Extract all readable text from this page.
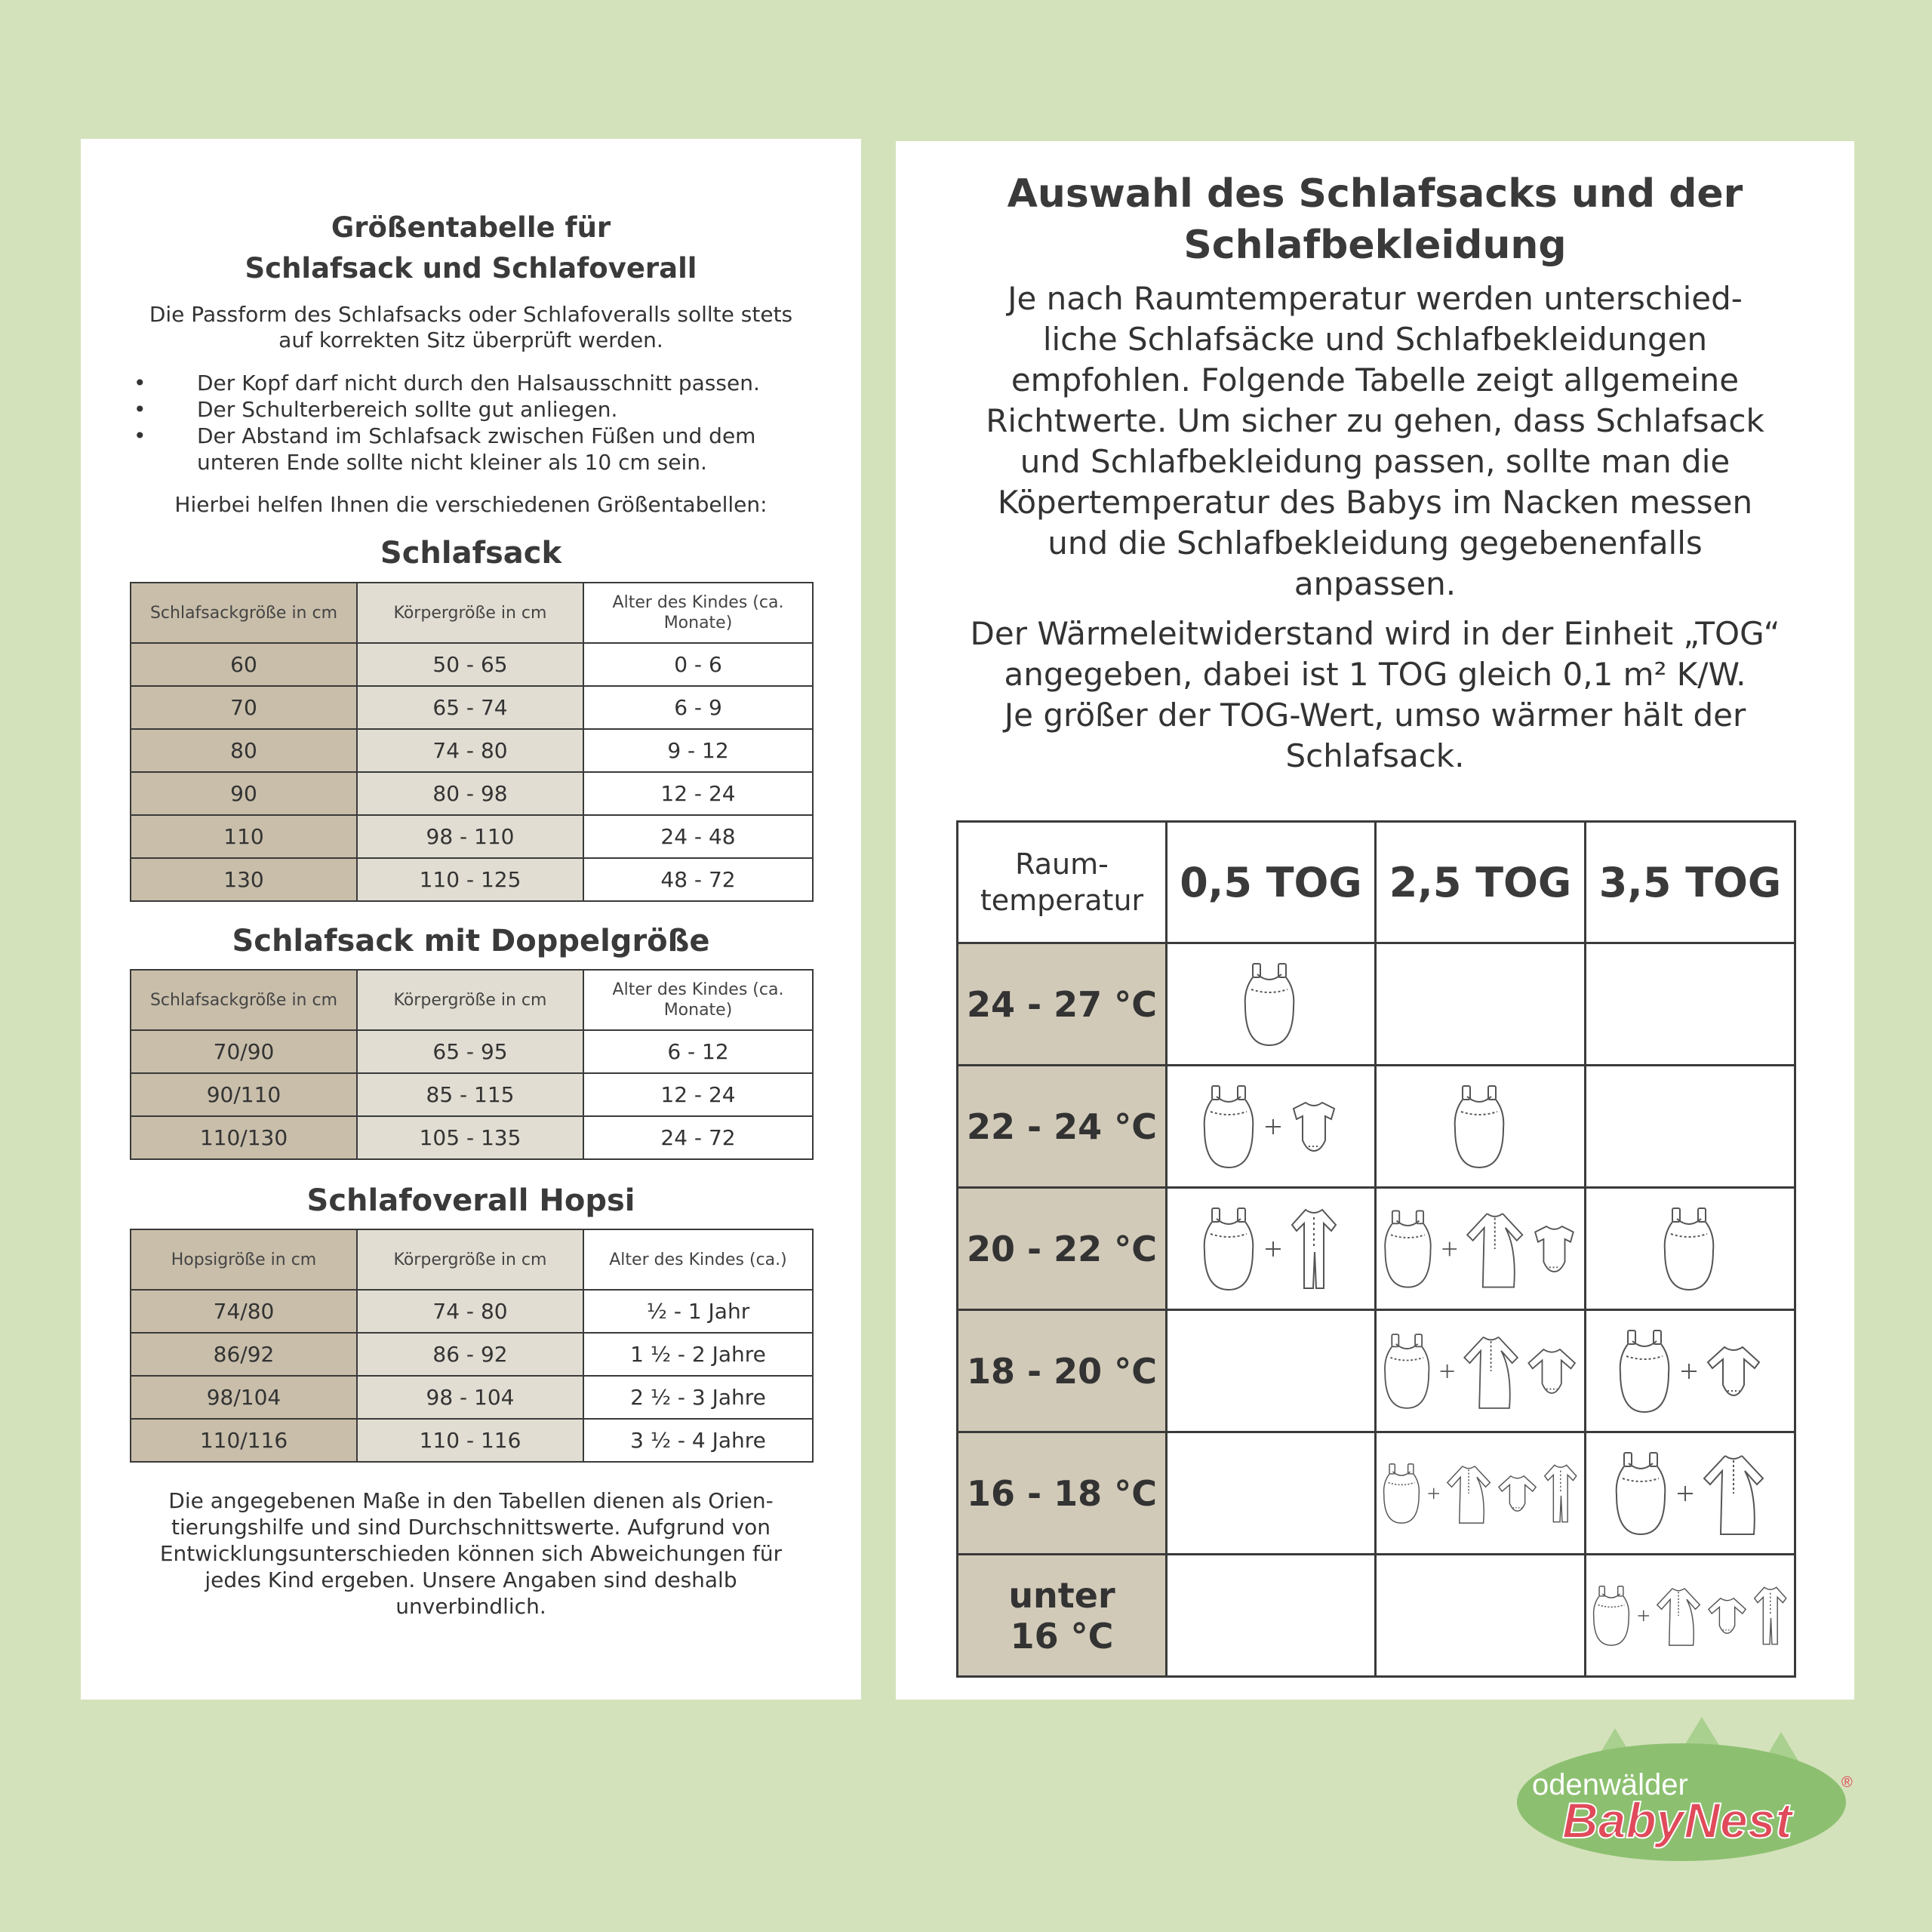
Größentabelle für
Schlafsack und Schlafoverall
Die Passform des Schlafsacks oder Schlafoveralls sollte stets
auf korrekten Sitz überprüft werden.
• Der Kopf darf nicht durch den Halsausschnitt passen.
• Der Schulterbereich sollte gut anliegen.
• Der Abstand im Schlafsack zwischen Füßen und dem unteren Ende sollte nicht kleiner als 10 cm sein.
Hierbei helfen Ihnen die verschiedenen Größentabellen:
Schlafsack
Schlafsackgröße in cm	Körpergröße in cm	Alter des Kindes (ca. Monate)
60	50 - 65	0 - 6
70	65 - 74	6 - 9
80	74 - 80	9 - 12
90	80 - 98	12 - 24
110	98 - 110	24 - 48
130	110 - 125	48 - 72
Schlafsack mit Doppelgröße
Schlafsackgröße in cm	Körpergröße in cm	Alter des Kindes (ca. Monate)
70/90	65 - 95	6 - 12
90/110	85 - 115	12 - 24
110/130	105 - 135	24 - 72
Schlafoverall Hopsi
Hopsigröße in cm	Körpergröße in cm	Alter des Kindes (ca.)
74/80	74 - 80	½ - 1 Jahr
86/92	86 - 92	1 ½ - 2 Jahre
98/104	98 - 104	2 ½ - 3 Jahre
110/116	110 - 116	3 ½ - 4 Jahre
Die angegebenen Maße in den Tabellen dienen als Orien-
tierungshilfe und sind Durchschnittswerte. Aufgrund von
Entwicklungsunterschieden können sich Abweichungen für
jedes Kind ergeben. Unsere Angaben sind deshalb
unverbindlich.
Auswahl des Schlafsacks und der
Schlafbekleidung
Je nach Raumtemperatur werden unterschied-
liche Schlafsäcke und Schlafbekleidungen
empfohlen. Folgende Tabelle zeigt allgemeine
Richtwerte. Um sicher zu gehen, dass Schlafsack
und Schlafbekleidung passen, sollte man die
Köpertemperatur des Babys im Nacken messen
und die Schlafbekleidung gegebenenfalls
anpassen.
Der Wärmeleitwiderstand wird in der Einheit „TOG“
angegeben, dabei ist 1 TOG gleich 0,1 m² K/W.
Je größer der TOG-Wert, umso wärmer hält der
Schlafsack.
Raum-
temperatur	0,5 TOG	2,5 TOG	3,5 TOG
24 - 27 °C	

22 - 24 °C	

20 - 22 °C	

18 - 20 °C		

16 - 18 °C		

unter
16 °C

odenwälder
BabyNest
®
